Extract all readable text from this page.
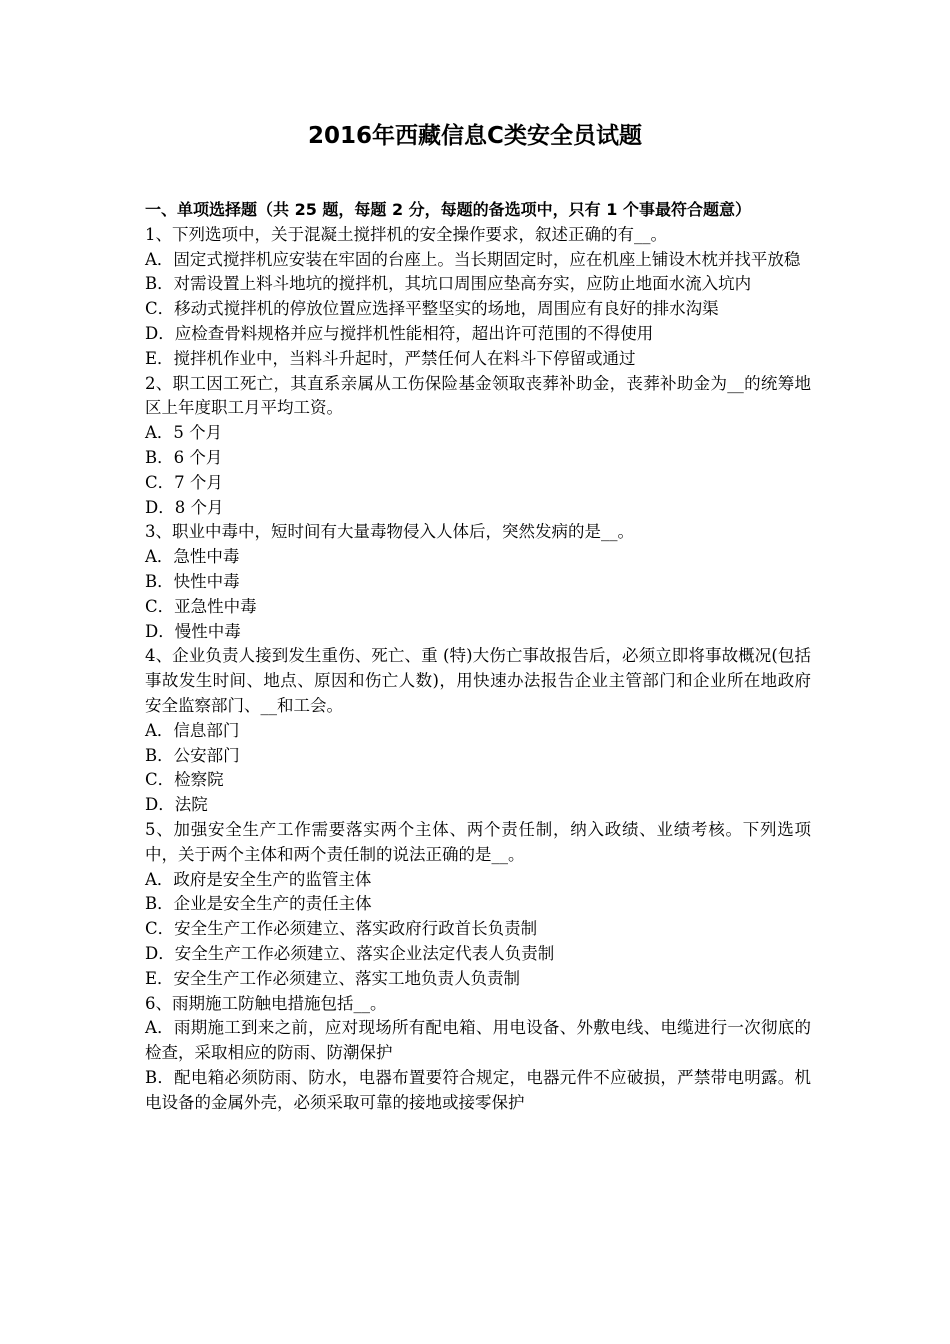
2016年西藏信息C类安全员试题
一、单项选择题（共 25 题，每题 2 分，每题的备选项中，只有 1 个事最符合题意）
1、下列选项中，关于混凝土搅拌机的安全操作要求，叙述正确的有__。
A．固定式搅拌机应安装在牢固的台座上。当长期固定时，应在机座上铺设木枕并找平放稳
B．对需设置上料斗地坑的搅拌机，其坑口周围应垫高夯实，应防止地面水流入坑内
C．移动式搅拌机的停放位置应选择平整坚实的场地，周围应有良好的排水沟渠
D．应检查骨料规格并应与搅拌机性能相符，超出许可范围的不得使用
E．搅拌机作业中，当料斗升起时，严禁任何人在料斗下停留或通过
2、职工因工死亡，其直系亲属从工伤保险基金领取丧葬补助金，丧葬补助金为__的统筹地区上年度职工月平均工资。
A．5 个月
B．6 个月
C．7 个月
D．8 个月
3、职业中毒中，短时间有大量毒物侵入人体后，突然发病的是__。
A．急性中毒
B．快性中毒
C．亚急性中毒
D．慢性中毒
4、企业负责人接到发生重伤、死亡、重 (特)大伤亡事故报告后，必须立即将事故概况(包括事故发生时间、地点、原因和伤亡人数)，用快速办法报告企业主管部门和企业所在地政府安全监察部门、__和工会。
A．信息部门
B．公安部门
C．检察院
D．法院
5、加强安全生产工作需要落实两个主体、两个责任制，纳入政绩、业绩考核。下列选项中，关于两个主体和两个责任制的说法正确的是__。
A．政府是安全生产的监管主体
B．企业是安全生产的责任主体
C．安全生产工作必须建立、落实政府行政首长负责制
D．安全生产工作必须建立、落实企业法定代表人负责制
E．安全生产工作必须建立、落实工地负责人负责制
6、雨期施工防触电措施包括__。
A．雨期施工到来之前，应对现场所有配电箱、用电设备、外敷电线、电缆进行一次彻底的检查，采取相应的防雨、防潮保护
B．配电箱必须防雨、防水，电器布置要符合规定，电器元件不应破损，严禁带电明露。机电设备的金属外壳，必须采取可靠的接地或接零保护
